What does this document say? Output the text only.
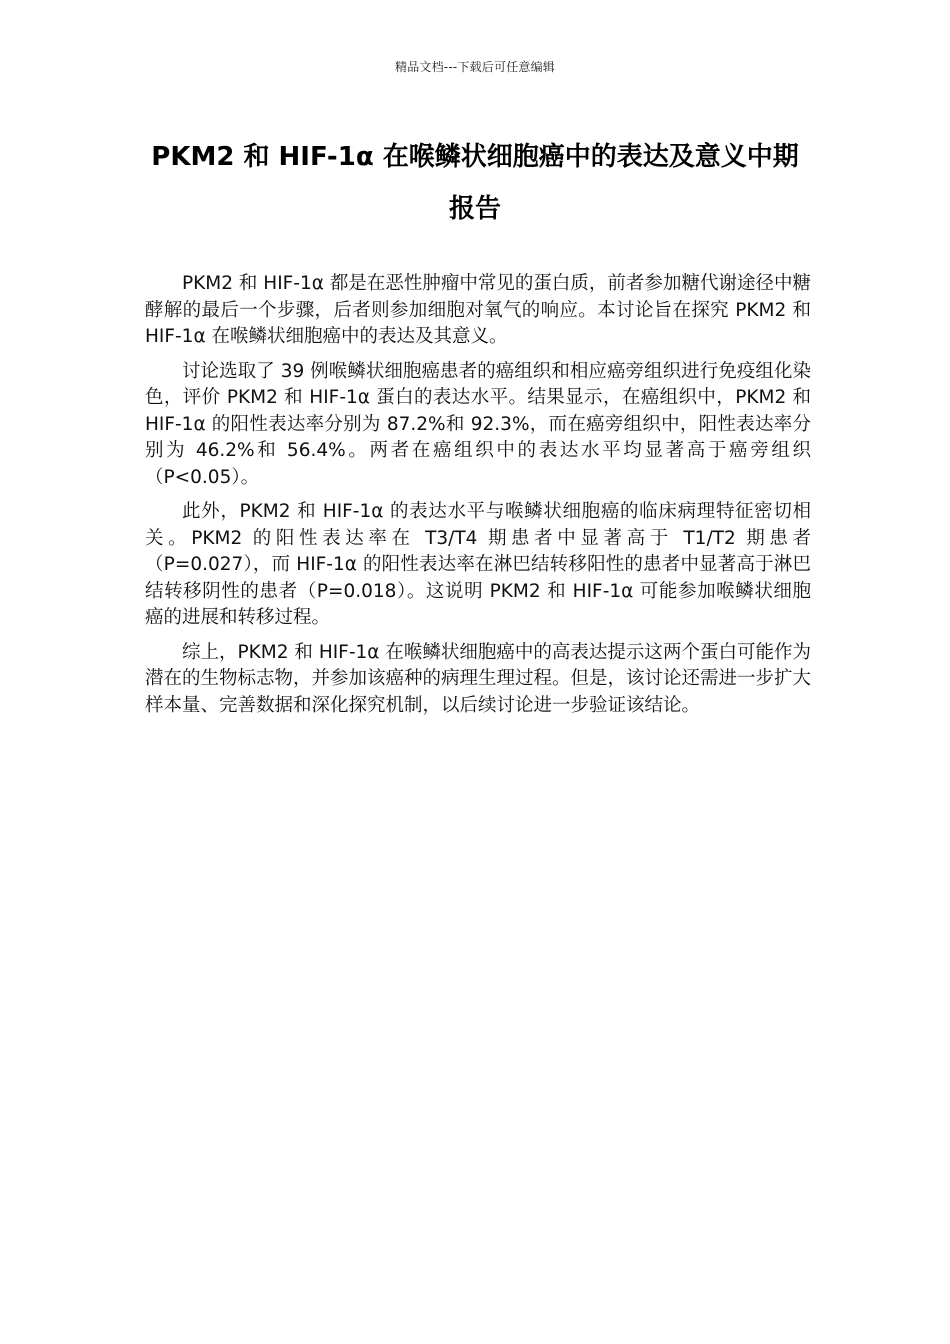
精品文档---下载后可任意编辑
PKM2 和 HIF-1α 在喉鳞状细胞癌中的表达及意义中期报告

PKM2 和 HIF-1α 都是在恶性肿瘤中常见的蛋白质，前者参加糖代谢途径中糖酵解的最后一个步骤，后者则参加细胞对氧气的响应。本讨论旨在探究 PKM2 和 HIF-1α 在喉鳞状细胞癌中的表达及其意义。

讨论选取了 39 例喉鳞状细胞癌患者的癌组织和相应癌旁组织进行免疫组化染色，评价 PKM2 和 HIF-1α 蛋白的表达水平。结果显示，在癌组织中，PKM2 和 HIF-1α 的阳性表达率分别为 87.2%和 92.3%，而在癌旁组织中，阳性表达率分别为 46.2%和 56.4%。两者在癌组织中的表达水平均显著高于癌旁组织（P<0.05）。

此外，PKM2 和 HIF-1α 的表达水平与喉鳞状细胞癌的临床病理特征密切相关。PKM2 的阳性表达率在 T3/T4 期患者中显著高于 T1/T2 期患者（P=0.027），而 HIF-1α 的阳性表达率在淋巴结转移阳性的患者中显著高于淋巴结转移阴性的患者（P=0.018）。这说明 PKM2 和 HIF-1α 可能参加喉鳞状细胞癌的进展和转移过程。

综上，PKM2 和 HIF-1α 在喉鳞状细胞癌中的高表达提示这两个蛋白可能作为潜在的生物标志物，并参加该癌种的病理生理过程。但是，该讨论还需进一步扩大样本量、完善数据和深化探究机制，以后续讨论进一步验证该结论。
